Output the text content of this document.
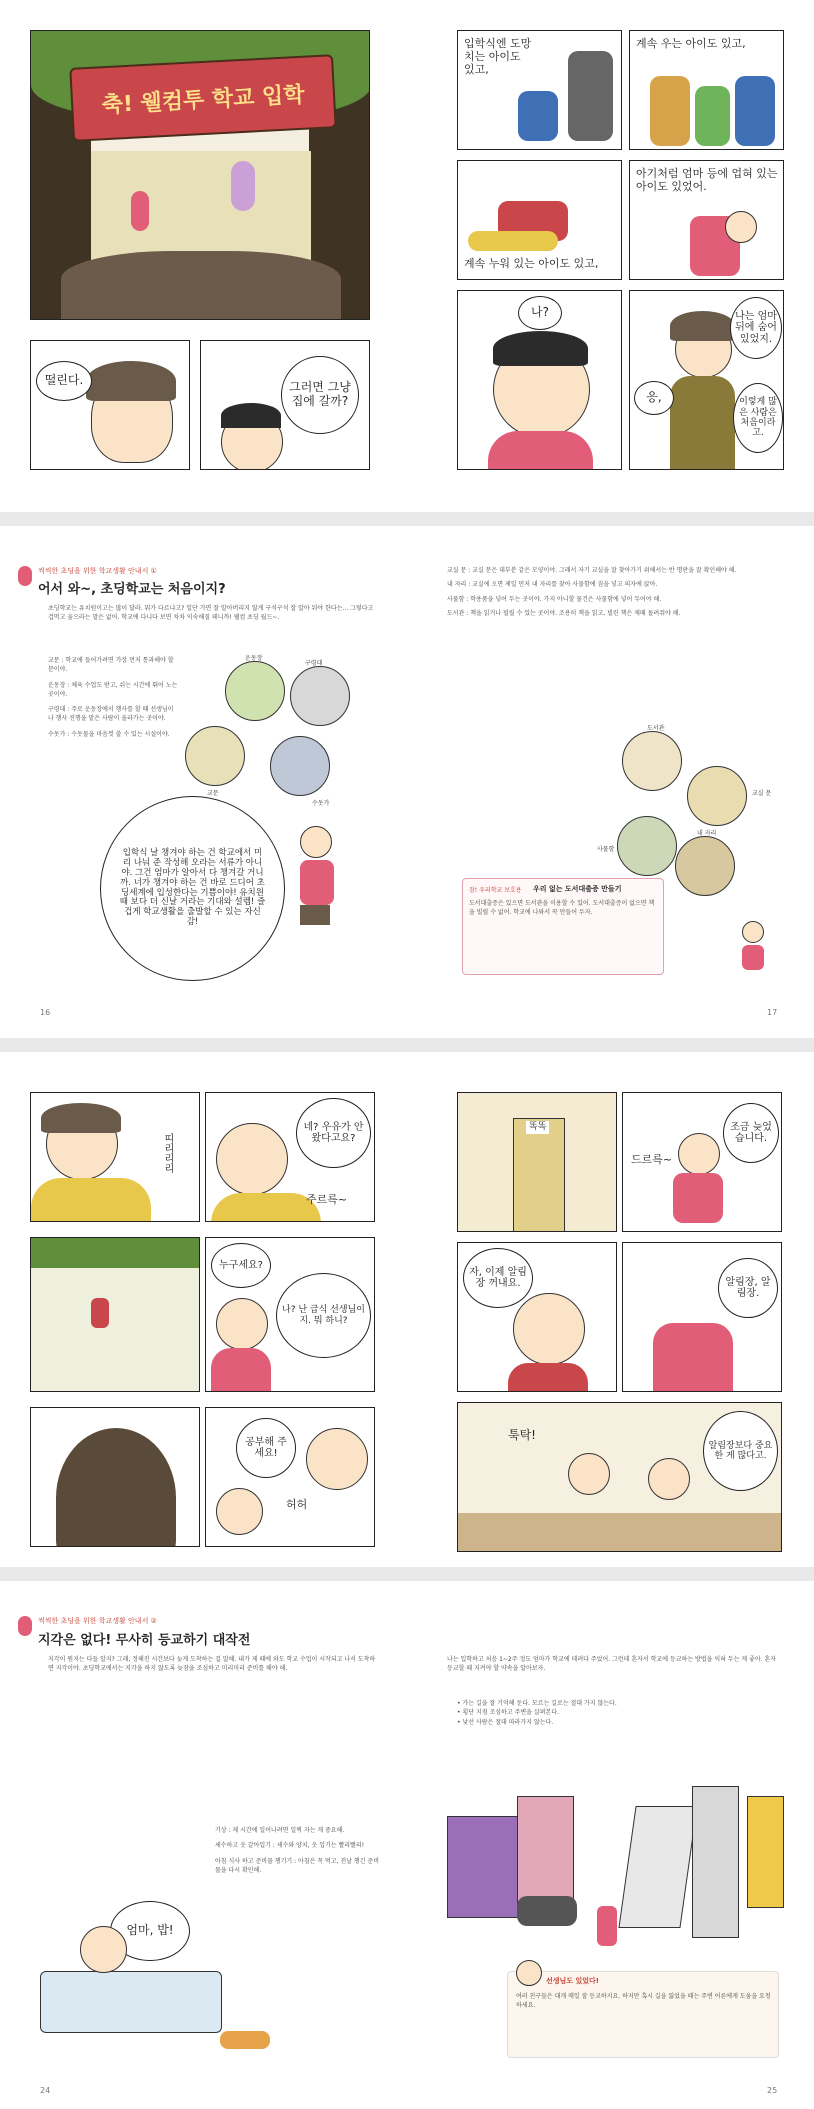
축! 웰컴투 학교 입학
떨린다.
그러면 그냥 집에 갈까?
입학식엔 도망치는 아이도 있고,
계속 우는 아이도 있고,
계속 누워 있는 아이도 있고,
아기처럼 엄마 등에 업혀 있는 아이도 있었어.
나?
응,
나는 엄마 뒤에 숨어 있었지.
이렇게 많은 사람은 처음이라고.
씩씩한 초딩을 위한 학교생활 안내서 ①
어서 와~, 초딩학교는 처음이지?
초딩학교는 유치원이고는 많이 달라. 뭐가 다르냐고? 일단 가면 잘 알아버리지 않게 구석구석 잘 알아 둬야 한다는... 그렇다고 겁먹고 울으라는 말은 없어. 학교에 다니다 보면 차차 익숙해질 테니까! 웰컴 초딩 월드~.
교문 : 학교에 들어가려면 가장 먼저 통과해야 할 문이야.
운동장 : 체육 수업도 받고, 쉬는 시간에 뛰어 노는 곳이야.
구령대 : 주로 운동장에서 행사를 할 때 선생님이나 행사 진행을 맡은 사람이 올라가는 곳이야.
수돗가 : 수돗물을 마음껏 쓸 수 있는 시설이야.
운동장
구령대
교문
수돗가
입학식 날 챙겨야 하는 건 학교에서 미리 나눠 준 작성해 오라는 서류가 아니야. 그건 엄마가 알아서 다 챙겨갈 거니까. 너가 챙겨야 하는 건 바로 드디어 초딩세계에 입성한다는 기쁨이야! 유치원 때 보다 더 신날 거라는 기대와 설렘! 즐겁게 학교생활을 출발할 수 있는 자신감!
16
교실 문 : 교실 문은 대부분 같은 모양이야. 그래서 자기 교실을 잘 찾아가기 위해서는 반 명판을 잘 확인해야 해.
내 자리 : 교실에 오면 제일 먼저 내 자리를 찾아 사물함에 짐을 넣고 의자에 앉아.
사물함 : 학용품을 넣어 두는 곳이야. 가지 아니할 물건은 사물함에 넣어 두어야 해.
도서관 : 책을 읽거나 빌릴 수 있는 곳이야. 조용히 책을 읽고, 빌린 책은 제때 돌려줘야 해.
도서관
교실 문
사물함
내 자리
잠! 우리학교 보호용 우리 없는 도서대출증 만들기
도서대출증은 있으면 도서관을 이용할 수 있어. 도서대출증이 없으면 책을 빌릴 수 없어. 학교에 나와서 꼭 만들어 두자.
17
띠리리리
네? 우유가 안 왔다고요?
주르륵~
누구세요?
나? 난 급식 선생님이지. 뭐 하니?
공부해 주세요!
허허
똑똑
드르륵~
조금 늦었습니다.
자, 이제 알림장 꺼내요.	알림장, 알림장.
툭탁!
알림장보다 중요한 게 많다고.
씩씩한 초딩을 위한 학교생활 안내서 ②
지각은 없다! 무사히 등교하기 대작전
지각이 뭔지는 다들 알지? 그래, 정해진 시간보다 늦게 도착하는 걸 말해. 내가 제 때에 와도 학교 수업이 시작되고 나서 도착하면 지각이야. 초딩학교에서는 지각을 하지 않도록 늦잠을 조심하고 미리미리 준비를 해야 해.
기상 : 제 시간에 일어나려면 일찍 자는 게 중요해.
세수하고 옷 갈아입기 : 세수와 양치, 옷 입기는 빨리빨리!
아침 식사 하고 준비물 챙기기 : 아침은 꼭 먹고, 전날 챙긴 준비물을 다시 확인해.
엄마, 밥!
24
나는 입학하고 처음 1~2주 정도 엄마가 학교에 데려다 주었어. 그런데 혼자서 학교에 등교하는 방법을 익혀 두는 게 좋아. 혼자 등교할 때 지켜야 할 약속을 알아보자.
• 가는 길을 잘 기억해 둔다. 모르는 길로는 절대 가지 않는다.
• 횡단 지점 조심하고 주변을 살펴본다.
• 낯선 사람은 절대 따라가지 않는다.
선생님도 있었다!
여러 친구들은 대개 매일 잘 등교하지요. 하지만 혹시 길을 잃었을 때는 주변 어른에게 도움을 요청하세요.
25
